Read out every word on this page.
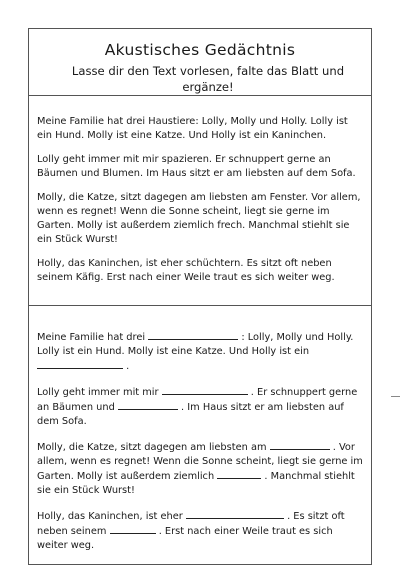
Akustisches Gedächtnis
Lasse dir den Text vorlesen, falte das Blatt und ergänze!

Meine Familie hat drei Haustiere: Lolly, Molly und Holly. Lolly ist ein Hund. Molly ist eine Katze. Und Holly ist ein Kaninchen.

Lolly geht immer mit mir spazieren. Er schnuppert gerne an Bäumen und Blumen. Im Haus sitzt er am liebsten auf dem Sofa.

Molly, die Katze, sitzt dagegen am liebsten am Fenster. Vor allem, wenn es regnet! Wenn die Sonne scheint, liegt sie gerne im Garten. Molly ist außerdem ziemlich frech. Manchmal stiehlt sie ein Stück Wurst!

Holly, das Kaninchen, ist eher schüchtern. Es sitzt oft neben seinem Käfig. Erst nach einer Weile traut es sich weiter weg.

Meine Familie hat drei	: Lolly, Molly und Holly. Lolly ist ein Hund. Molly ist eine Katze. Und Holly ist ein  .

Lolly geht immer mit mir	. Er schnuppert gerne an Bäumen und	. Im Haus sitzt er am liebsten auf dem Sofa.

Molly, die Katze, sitzt dagegen am liebsten am	. Vor allem, wenn es regnet! Wenn die Sonne scheint, liegt sie gerne im Garten. Molly ist außerdem ziemlich	. Manchmal stiehlt sie ein Stück Wurst!

Holly, das Kaninchen, ist eher	. Es sitzt oft neben seinem	. Erst nach einer Weile traut es sich weiter weg.
